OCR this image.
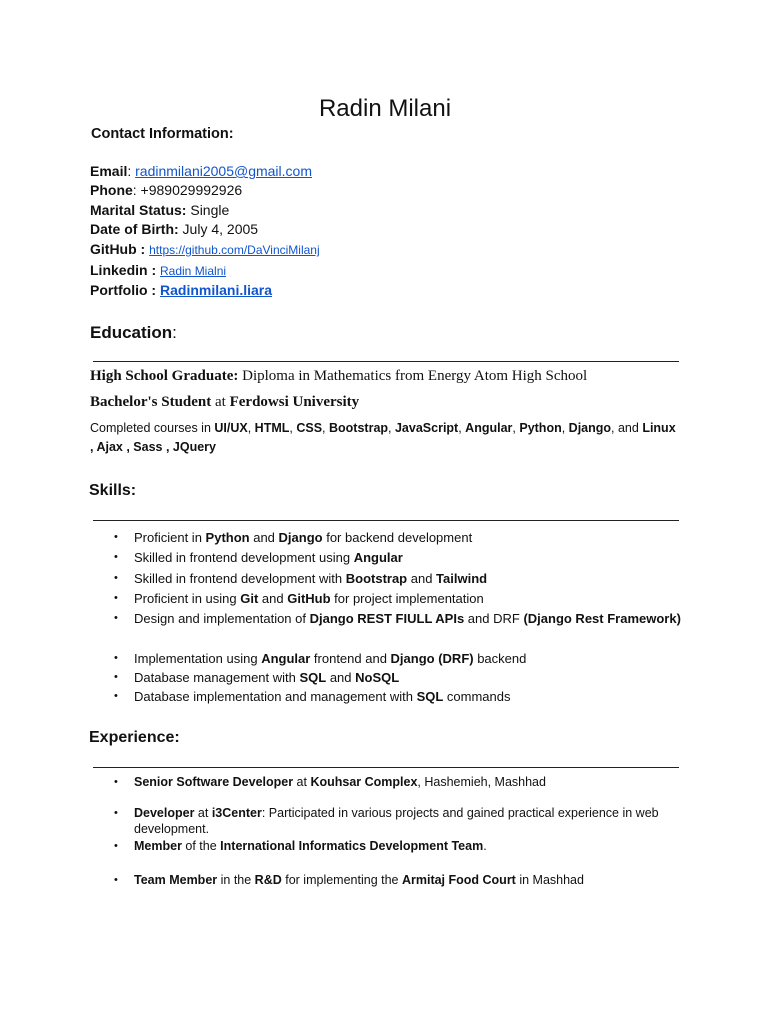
Radin Milani
Contact Information:
Email: radinmilani2005@gmail.com
Phone: +989029992926
Marital Status: Single
Date of Birth: July 4, 2005
GitHub : https://github.com/DaVinciMilanj
Linkedin : Radin Mialni
Portfolio : Radinmilani.liara
Education:
High School Graduate: Diploma in Mathematics from Energy Atom High School
Bachelor's Student at Ferdowsi University
Completed courses in UI/UX, HTML, CSS, Bootstrap, JavaScript, Angular, Python, Django, and Linux , Ajax , Sass , JQuery
Skills:
• Proficient in Python and Django for backend development
• Skilled in frontend development using Angular
• Skilled in frontend development with Bootstrap and Tailwind
• Proficient in using Git and GitHub for project implementation
• Design and implementation of Django REST FIULL APIs and DRF (Django Rest Framework)
• Implementation using Angular frontend and Django (DRF) backend
• Database management with SQL and NoSQL
• Database implementation and management with SQL commands
Experience:
• Senior Software Developer at Kouhsar Complex, Hashemieh, Mashhad
• Developer at i3Center: Participated in various projects and gained practical experience in web development.
• Member of the International Informatics Development Team.
• Team Member in the R&D for implementing the Armitaj Food Court in Mashhad
